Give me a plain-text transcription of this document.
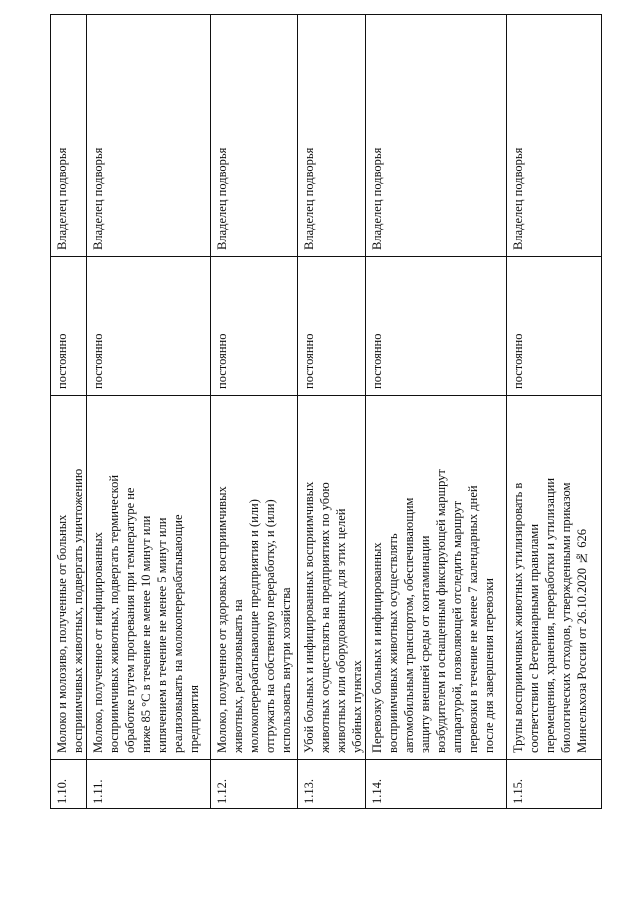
Владелец подворья
постоянно
Молоко и молозиво, полученные от больных
восприимчивых животных, подвергать уничтожению
1.10.
Владелец подворья
постоянно
Молоко, полученное от инфицированных
восприимчивых животных, подвергать термической
обработке путем прогревания при температуре не
ниже 85 °C в течение не менее 10 минут или
кипячением в течение не менее 5 минут или
реализовывать на молокоперерабатывающие
предприятия
1.11.
Владелец подворья
постоянно
Молоко, полученное от здоровых восприимчивых
животных, реализовывать на
молокоперерабатывающие предприятия и (или)
отгружать на собственную переработку, и (или)
использовать внутри хозяйства
1.12.
Владелец подворья
постоянно
Убой больных и инфицированных восприимчивых
животных осуществлять на предприятиях по убою
животных или оборудованных для этих целей
убойных пунктах
1.13.
Владелец подворья
постоянно
Перевозку больных и инфицированных
восприимчивых животных осуществлять
автомобильным транспортом, обеспечивающим
защиту внешней среды от контаминации
возбудителем и оснащенным фиксирующей маршрут
аппаратурой, позволяющей отследить маршрут
перевозки в течение не менее 7 календарных дней
после дня завершения перевозки
1.14.
Владелец подворья
постоянно
Трупы восприимчивых животных утилизировать в
соответствии с Ветеринарными правилами
перемещения, хранения, переработки и утилизации
биологических отходов, утвержденными приказом
Минсельхоза России от 26.10.2020 № 626
1.15.
